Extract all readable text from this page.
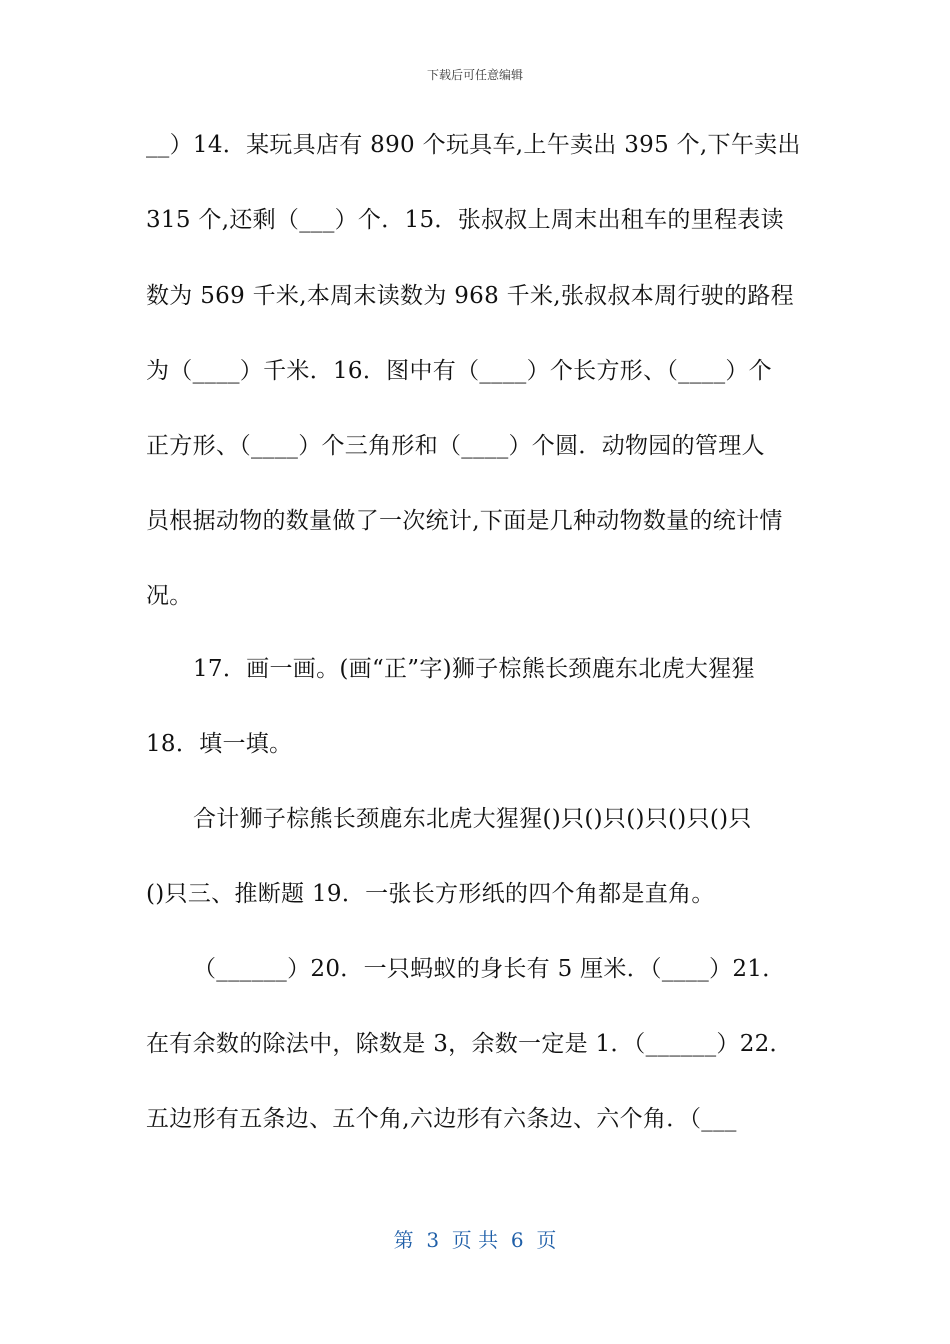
下载后可任意编辑
__）14．某玩具店有 890 个玩具车,上午卖出 395 个,下午卖出
315 个,还剩（___）个．15．张叔叔上周末出租车的里程表读
数为 569 千米,本周末读数为 968 千米,张叔叔本周行驶的路程
为（____）千米．16．图中有（____）个长方形、（____）个
正方形、（____）个三角形和（____）个圆．动物园的管理人
员根据动物的数量做了一次统计,下面是几种动物数量的统计情
况。
17．画一画。(画“正”字)狮子棕熊长颈鹿东北虎大猩猩
18．填一填。
合计狮子棕熊长颈鹿东北虎大猩猩()只()只()只()只()只
()只三、推断题 19．一张长方形纸的四个角都是直角。
（______）20．一只蚂蚁的身长有 5 厘米．（____）21．
在有余数的除法中，除数是 3，余数一定是 1．（______）22．
五边形有五条边、五个角,六边形有六条边、六个角．（___
第  3  页 共  6  页
